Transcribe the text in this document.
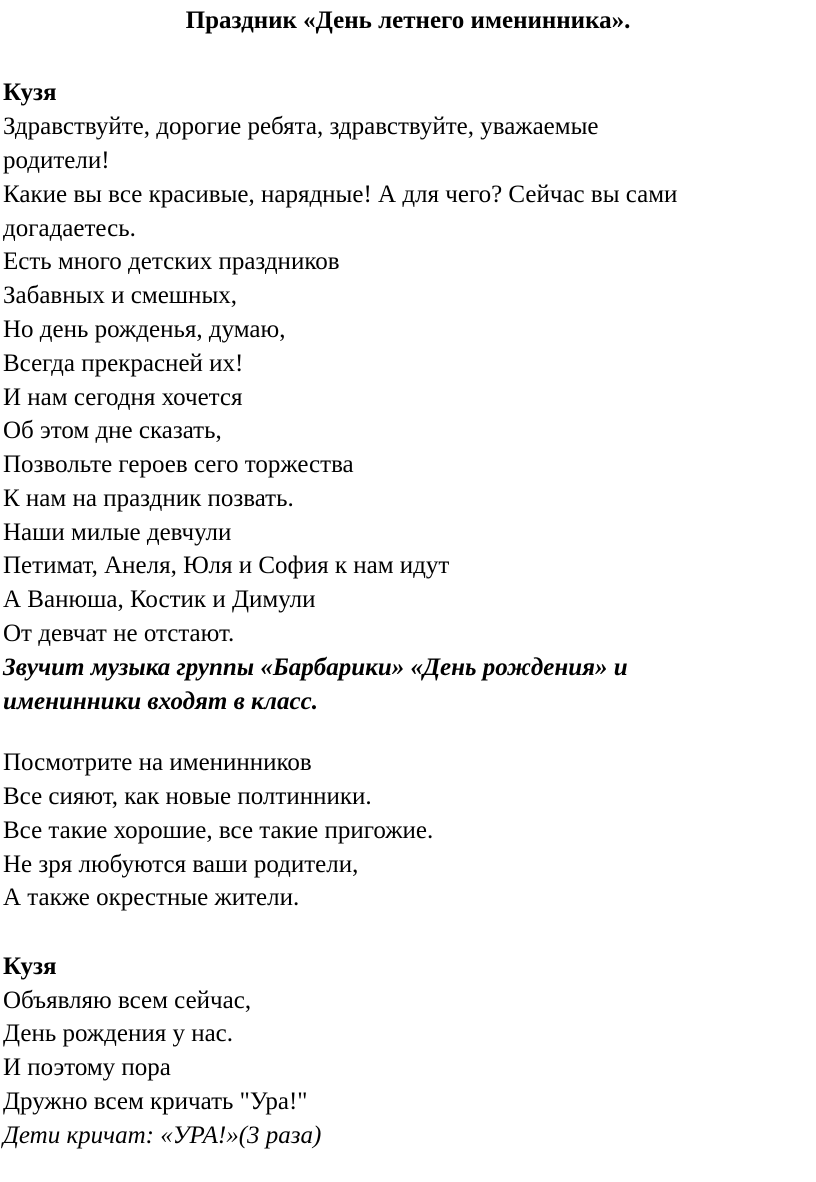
Праздник «День летнего именинника».
Кузя
Здравствуйте, дорогие ребята, здравствуйте, уважаемые
родители!
Какие вы все красивые, нарядные! А для чего? Сейчас вы сами
догадаетесь.
Есть много детских праздников
Забавных и смешных,
Но день рожденья, думаю,
Всегда прекрасней их!
И нам сегодня хочется
Об этом дне сказать,
Позвольте героев сего торжества
К нам на праздник позвать.
Наши милые девчули
Петимат, Анеля, Юля и София к нам идут
А Ванюша, Костик и Димули
От девчат не отстают.
Звучит музыка группы «Барбарики» «День рождения» и
именинники входят в класс.
Посмотрите на именинников
Все сияют, как новые полтинники.
Все такие хорошие, все такие пригожие.
Не зря любуются ваши родители,
А также окрестные жители.
Кузя
Объявляю всем сейчас,
День рождения у нас.
И поэтому пора
Дружно всем кричать "Ура!"
Дети кричат: «УРА!»(3 раза)
